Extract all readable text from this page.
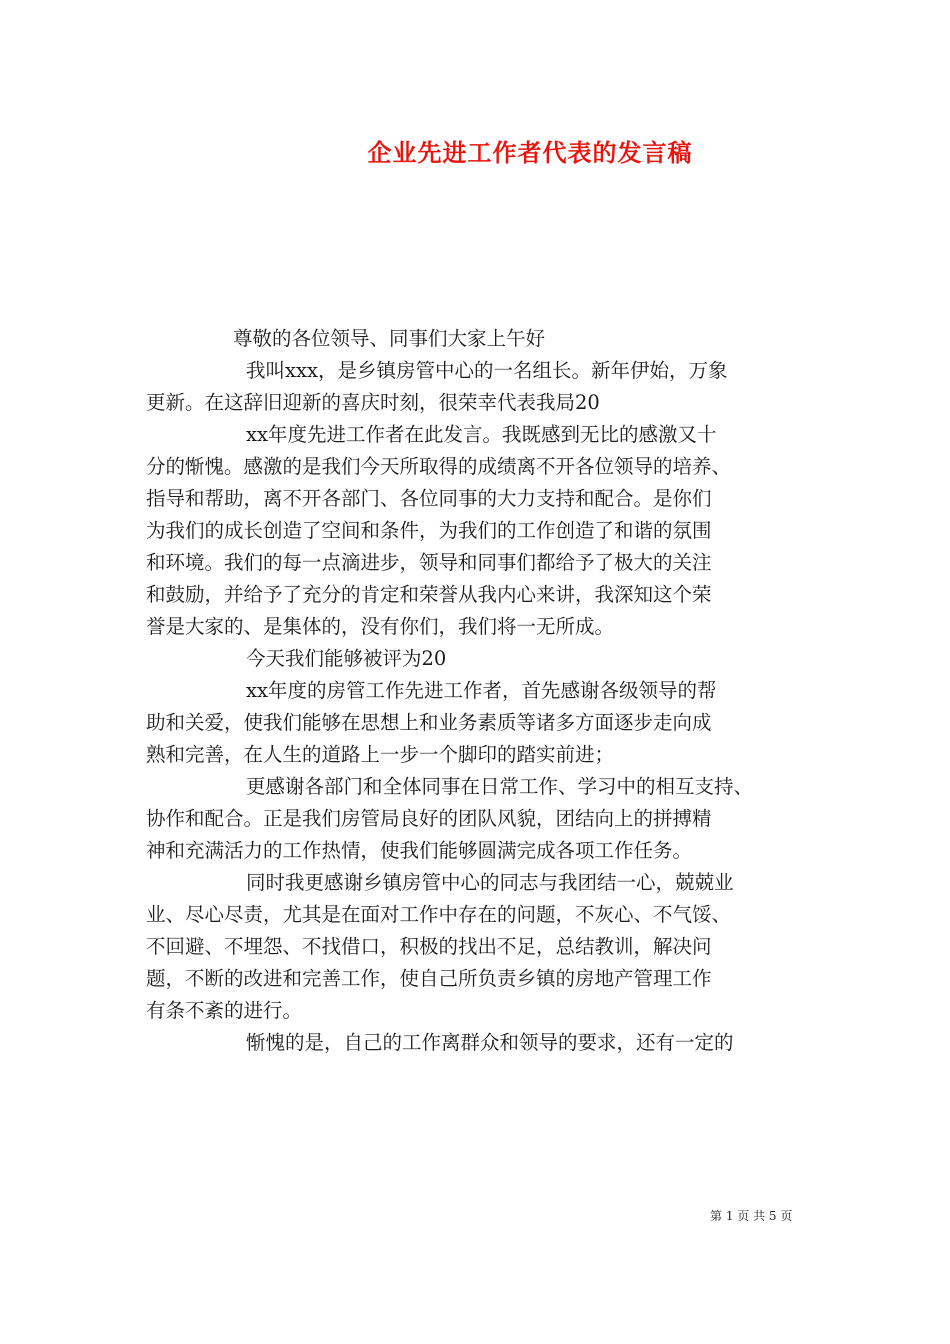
企业先进工作者代表的发言稿

尊敬的各位领导、同事们大家上午好

我叫xxx，是乡镇房管中心的一名组长。新年伊始，万象

更新。在这辞旧迎新的喜庆时刻，很荣幸代表我局20

xx年度先进工作者在此发言。我既感到无比的感激又十

分的惭愧。感激的是我们今天所取得的成绩离不开各位领导的培养、

指导和帮助，离不开各部门、各位同事的大力支持和配合。是你们

为我们的成长创造了空间和条件，为我们的工作创造了和谐的氛围

和环境。我们的每一点滴进步，领导和同事们都给予了极大的关注

和鼓励，并给予了充分的肯定和荣誉从我内心来讲，我深知这个荣

誉是大家的、是集体的，没有你们，我们将一无所成。

今天我们能够被评为20

xx年度的房管工作先进工作者，首先感谢各级领导的帮

助和关爱，使我们能够在思想上和业务素质等诸多方面逐步走向成

熟和完善，在人生的道路上一步一个脚印的踏实前进；

更感谢各部门和全体同事在日常工作、学习中的相互支持、

协作和配合。正是我们房管局良好的团队风貌，团结向上的拼搏精

神和充满活力的工作热情，使我们能够圆满完成各项工作任务。

同时我更感谢乡镇房管中心的同志与我团结一心，兢兢业

业、尽心尽责，尤其是在面对工作中存在的问题，不灰心、不气馁、

不回避、不埋怨、不找借口，积极的找出不足，总结教训，解决问

题，不断的改进和完善工作，使自己所负责乡镇的房地产管理工作

有条不紊的进行。

惭愧的是，自己的工作离群众和领导的要求，还有一定的

第 1 页 共 5 页
